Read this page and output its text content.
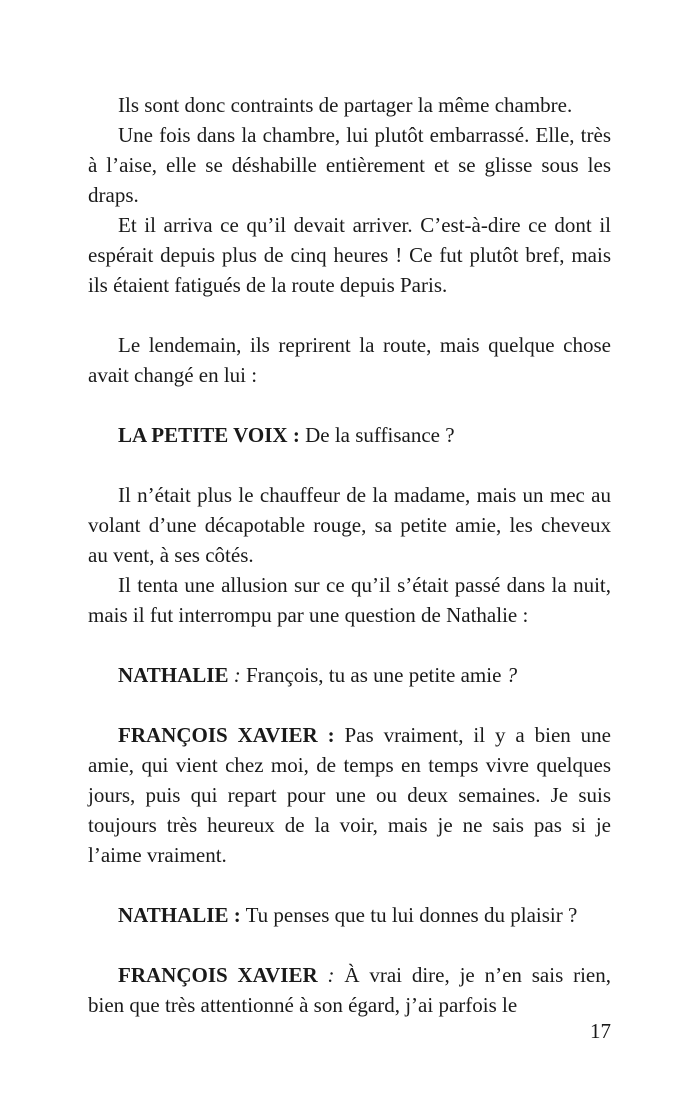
Ils sont donc contraints de partager la même chambre.

Une fois dans la chambre, lui plutôt embarrassé. Elle, très à l’aise, elle se déshabille entièrement et se glisse sous les draps.

Et il arriva ce qu’il devait arriver. C’est-à-dire ce dont il espérait depuis plus de cinq heures ! Ce fut plutôt bref, mais ils étaient fatigués de la route depuis Paris.

Le lendemain, ils reprirent la route, mais quelque chose avait changé en lui :

LA PETITE VOIX : De la suffisance ?

Il n’était plus le chauffeur de la madame, mais un mec au volant d’une décapotable rouge, sa petite amie, les cheveux au vent, à ses côtés.

Il tenta une allusion sur ce qu’il s’était passé dans la nuit, mais il fut interrompu par une question de Nathalie :

NATHALIE : François, tu as une petite amie ?

FRANÇOIS XAVIER : Pas vraiment, il y a bien une amie, qui vient chez moi, de temps en temps vivre quelques jours, puis qui repart pour une ou deux semaines. Je suis toujours très heureux de la voir, mais je ne sais pas si je l’aime vraiment.

NATHALIE : Tu penses que tu lui donnes du plaisir ?

FRANÇOIS XAVIER : À vrai dire, je n’en sais rien, bien que très attentionné à son égard, j’ai parfois le

17
